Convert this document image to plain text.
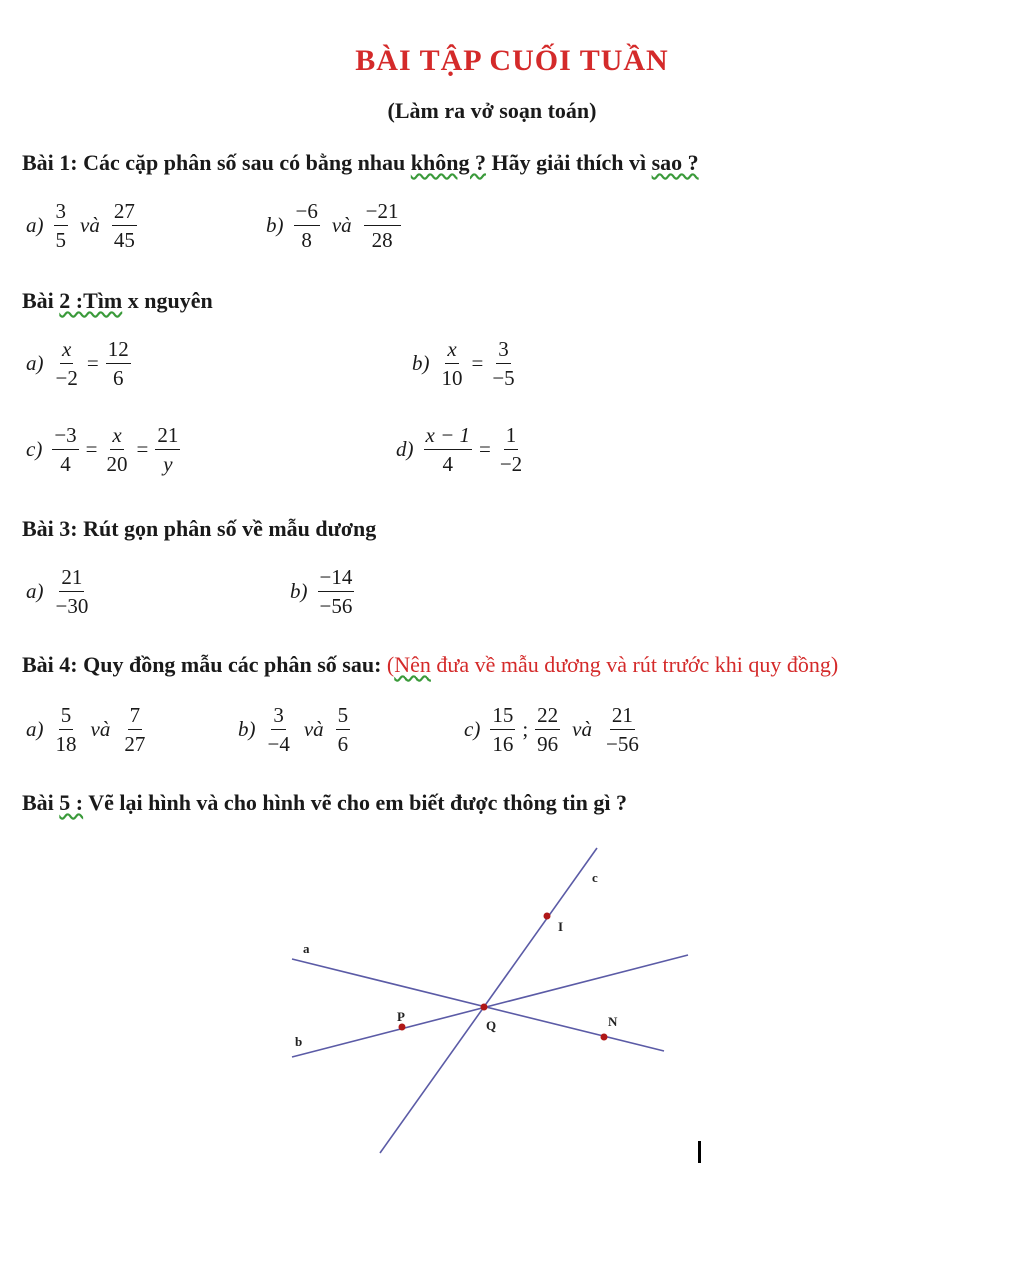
BÀI TẬP CUỐI TUẦN
(Làm ra vở soạn toán)
Bài 1: Các cặp phân số sau có bằng nhau không ? Hãy giải thích vì sao ?
$a) \frac{3}{5}$ và $\frac{27}{45}$	$b) \frac{-6}{8}$ và $\frac{-21}{28}$
Bài 2 :Tìm x nguyên
$a) \frac{x}{-2} = \frac{12}{6}$	$b) \frac{x}{10} = \frac{3}{-5}$
$c) \frac{-3}{4} = \frac{x}{20} = \frac{21}{y}$	$d) \frac{x - 1}{4} = \frac{1}{-2}$
Bài 3: Rút gọn phân số về mẫu dương
$a) \frac{21}{-30}$	$b) \frac{-14}{-56}$
Bài 4: Quy đồng mẫu các phân số sau: (Nên đưa về mẫu dương và rút trước khi quy đồng)
$a) \frac{5}{18}$ và $\frac{7}{27}$	$b) \frac{3}{-4}$ và $\frac{5}{6}$	$c) \frac{15}{16}$ ; $\frac{22}{96}$ và $\frac{21}{-56}$
Bài 5 : Vẽ lại hình và cho hình vẽ cho em biết được thông tin gì ?
a
b
c
I
P
Q	N
